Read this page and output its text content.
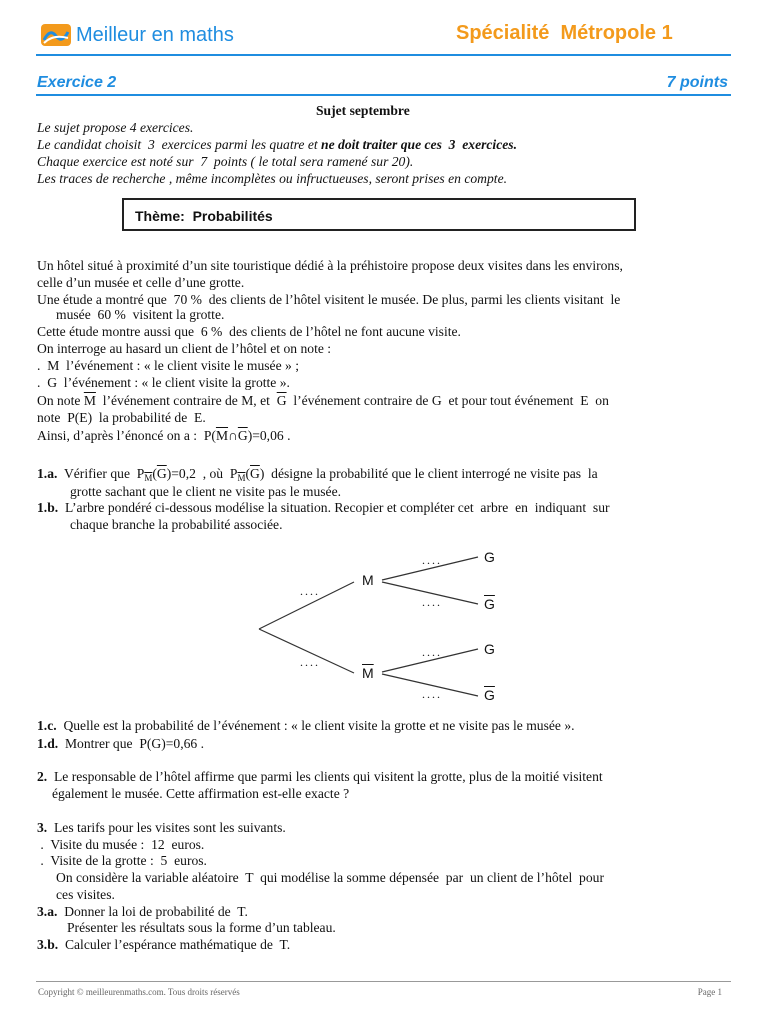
Meilleur en maths	Spécialité  Métropole 1
Exercice 2	7 points
Sujet septembre
Le sujet propose 4 exercices.
Le candidat choisit  3  exercices parmi les quatre et ne doit traiter que ces  3  exercices.
Chaque exercice est noté sur  7  points ( le total sera ramené sur 20).
Les traces de recherche , même incomplètes ou infructueuses, seront prises en compte.
Thème:  Probabilités
Un hôtel situé à proximité d’un site touristique dédié à la préhistoire propose deux visites dans les environs,
celle d’un musée et celle d’une grotte.
Une étude a montré que  70 %  des clients de l’hôtel visitent le musée. De plus, parmi les clients visitant  le
musée  60 %  visitent la grotte.
Cette étude montre aussi que  6 %  des clients de l’hôtel ne font aucune visite.
On interroge au hasard un client de l’hôtel et on note :
.  M  l’événement : « le client visite le musée » ;
.  G  l’événement : « le client visite la grotte ».
On note $\overline{M}$  l’événement contraire de M, et  $\overline{G}$  l’événement contraire de G  et pour tout événement  E  on
note  P(E)  la probabilité de  E.
Ainsi, d’après l’énoncé on a :  $P(\overline{M}\cap\overline{G})=0,06$ .
1.a.  Vérifier que  $P_{\overline{M}}(\overline{G})=0,2$  , où  $P_{\overline{M}}(\overline{G})$  désigne la probabilité que le client interrogé ne visite pas  la
grotte sachant que le client ne visite pas le musée.
1.b.  L’arbre pondéré ci-dessous modélise la situation. Recopier et compléter cet  arbre  en  indiquant  sur
chaque branche la probabilité associée.
....
....
M
$\overline{M}$
....
....
....
....
G
$\overline{G}$
G
$\overline{G}$
1.c.  Quelle est la probabilité de l’événement : « le client visite la grotte et ne visite pas le musée ».
1.d.  Montrer que  P(G)=0,66 .
2.  Le responsable de l’hôtel affirme que parmi les clients qui visitent la grotte, plus de la moitié visitent
également le musée. Cette affirmation est-elle exacte ?
3.  Les tarifs pour les visites sont les suivants.
.  Visite du musée :  12  euros.
.  Visite de la grotte :  5  euros.
On considère la variable aléatoire  T  qui modélise la somme dépensée  par  un client de l’hôtel  pour
ces visites.
3.a.  Donner la loi de probabilité de  T.
Présenter les résultats sous la forme d’un tableau.
3.b.  Calculer l’espérance mathématique de  T.
Copyright © meilleurenmaths.com. Tous droits réservés	Page 1
